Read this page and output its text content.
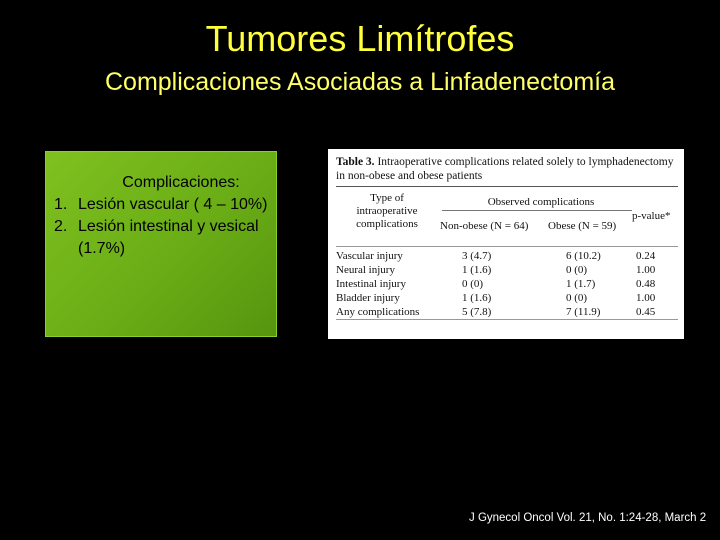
Tumores Limítrofes
Complicaciones Asociadas a Linfadenectomía
Complicaciones:
1. Lesión vascular ( 4 – 10%)
2. Lesión intestinal y vesical (1.7%)

Table 3. Intraoperative complications related solely to lymphadenectomy in non-obese and obese patients

Type of intraoperative complications
Observed complications
Non-obese (N = 64) Obese (N = 59)
p-value*
Vascular injury	3 (4.7)	6 (10.2)	0.24
Neural injury	1 (1.6)	0 (0)	1.00
Intestinal injury	0 (0)	1 (1.7)	0.48
Bladder injury	1 (1.6)	0 (0)	1.00
Any complications	5 (7.8)	7 (11.9)	0.45
J Gynecol Oncol Vol. 21, No. 1:24-28, March 2
